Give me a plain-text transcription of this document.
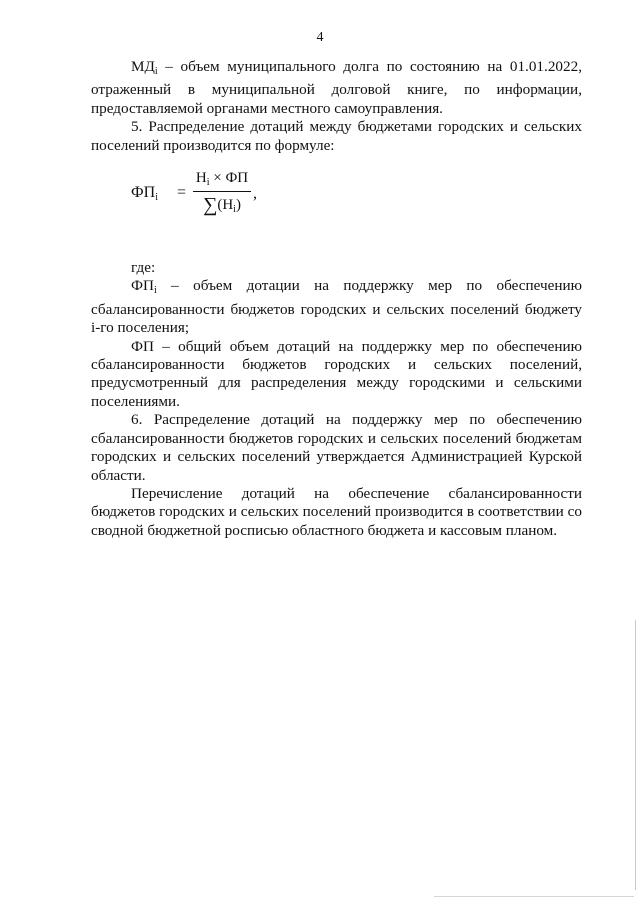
4

$МД_i$ – объем муниципального долга по состоянию на 01.01.2022, отраженный в муниципальной долговой книге, по информации, предоставляемой органами местного самоуправления.

5. Распределение дотаций между бюджетами городских и сельских поселений производится по формуле:

$ФП_i$ =
$Н_i$ × ФП
$\sum(Н_i)$
,

где:

$ФП_i$ – объем дотации на поддержку мер по обеспечению сбалансированности бюджетов городских и сельских поселений бюджету i-го поселения;

ФП – общий объем дотаций на поддержку мер по обеспечению сбалансированности бюджетов городских и сельских поселений, предусмотренный для распределения между городскими и сельскими поселениями.

6. Распределение дотаций на поддержку мер по обеспечению сбалансированности бюджетов городских и сельских поселений бюджетам городских и сельских поселений утверждается Администрацией Курской области.

Перечисление дотаций на обеспечение сбалансированности бюджетов городских и сельских поселений производится в соответствии со сводной бюджетной росписью областного бюджета и кассовым планом.
